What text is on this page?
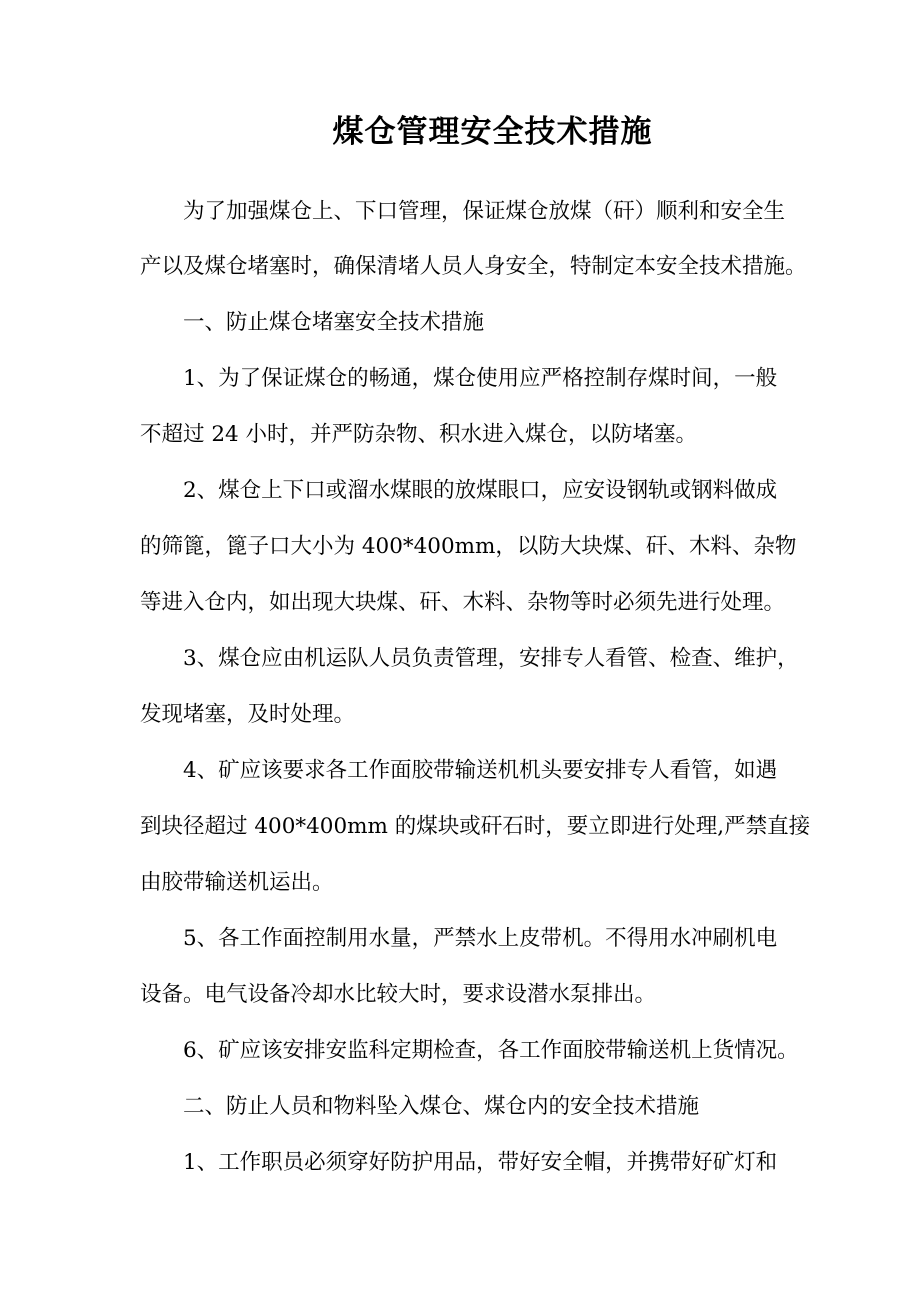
煤仓管理安全技术措施

为了加强煤仓上、下口管理，保证煤仓放煤（矸）顺利和安全生

产以及煤仓堵塞时，确保清堵人员人身安全，特制定本安全技术措施。

一、防止煤仓堵塞安全技术措施

1、为了保证煤仓的畅通，煤仓使用应严格控制存煤时间，一般

不超过 24 小时，并严防杂物、积水进入煤仓，以防堵塞。

2、煤仓上下口或溜水煤眼的放煤眼口，应安设钢轨或钢料做成

的筛篦，篦子口大小为 400*400mm，以防大块煤、矸、木料、杂物

等进入仓内，如出现大块煤、矸、木料、杂物等时必须先进行处理。

3、煤仓应由机运队人员负责管理，安排专人看管、检查、维护，

发现堵塞，及时处理。

4、矿应该要求各工作面胶带输送机机头要安排专人看管，如遇

到块径超过 400*400mm 的煤块或矸石时，要立即进行处理,严禁直接

由胶带输送机运出。

5、各工作面控制用水量，严禁水上皮带机。不得用水冲刷机电

设备。电气设备冷却水比较大时，要求设潜水泵排出。

6、矿应该安排安监科定期检查，各工作面胶带输送机上货情况。

二、防止人员和物料坠入煤仓、煤仓内的安全技术措施

1、工作职员必须穿好防护用品，带好安全帽，并携带好矿灯和
